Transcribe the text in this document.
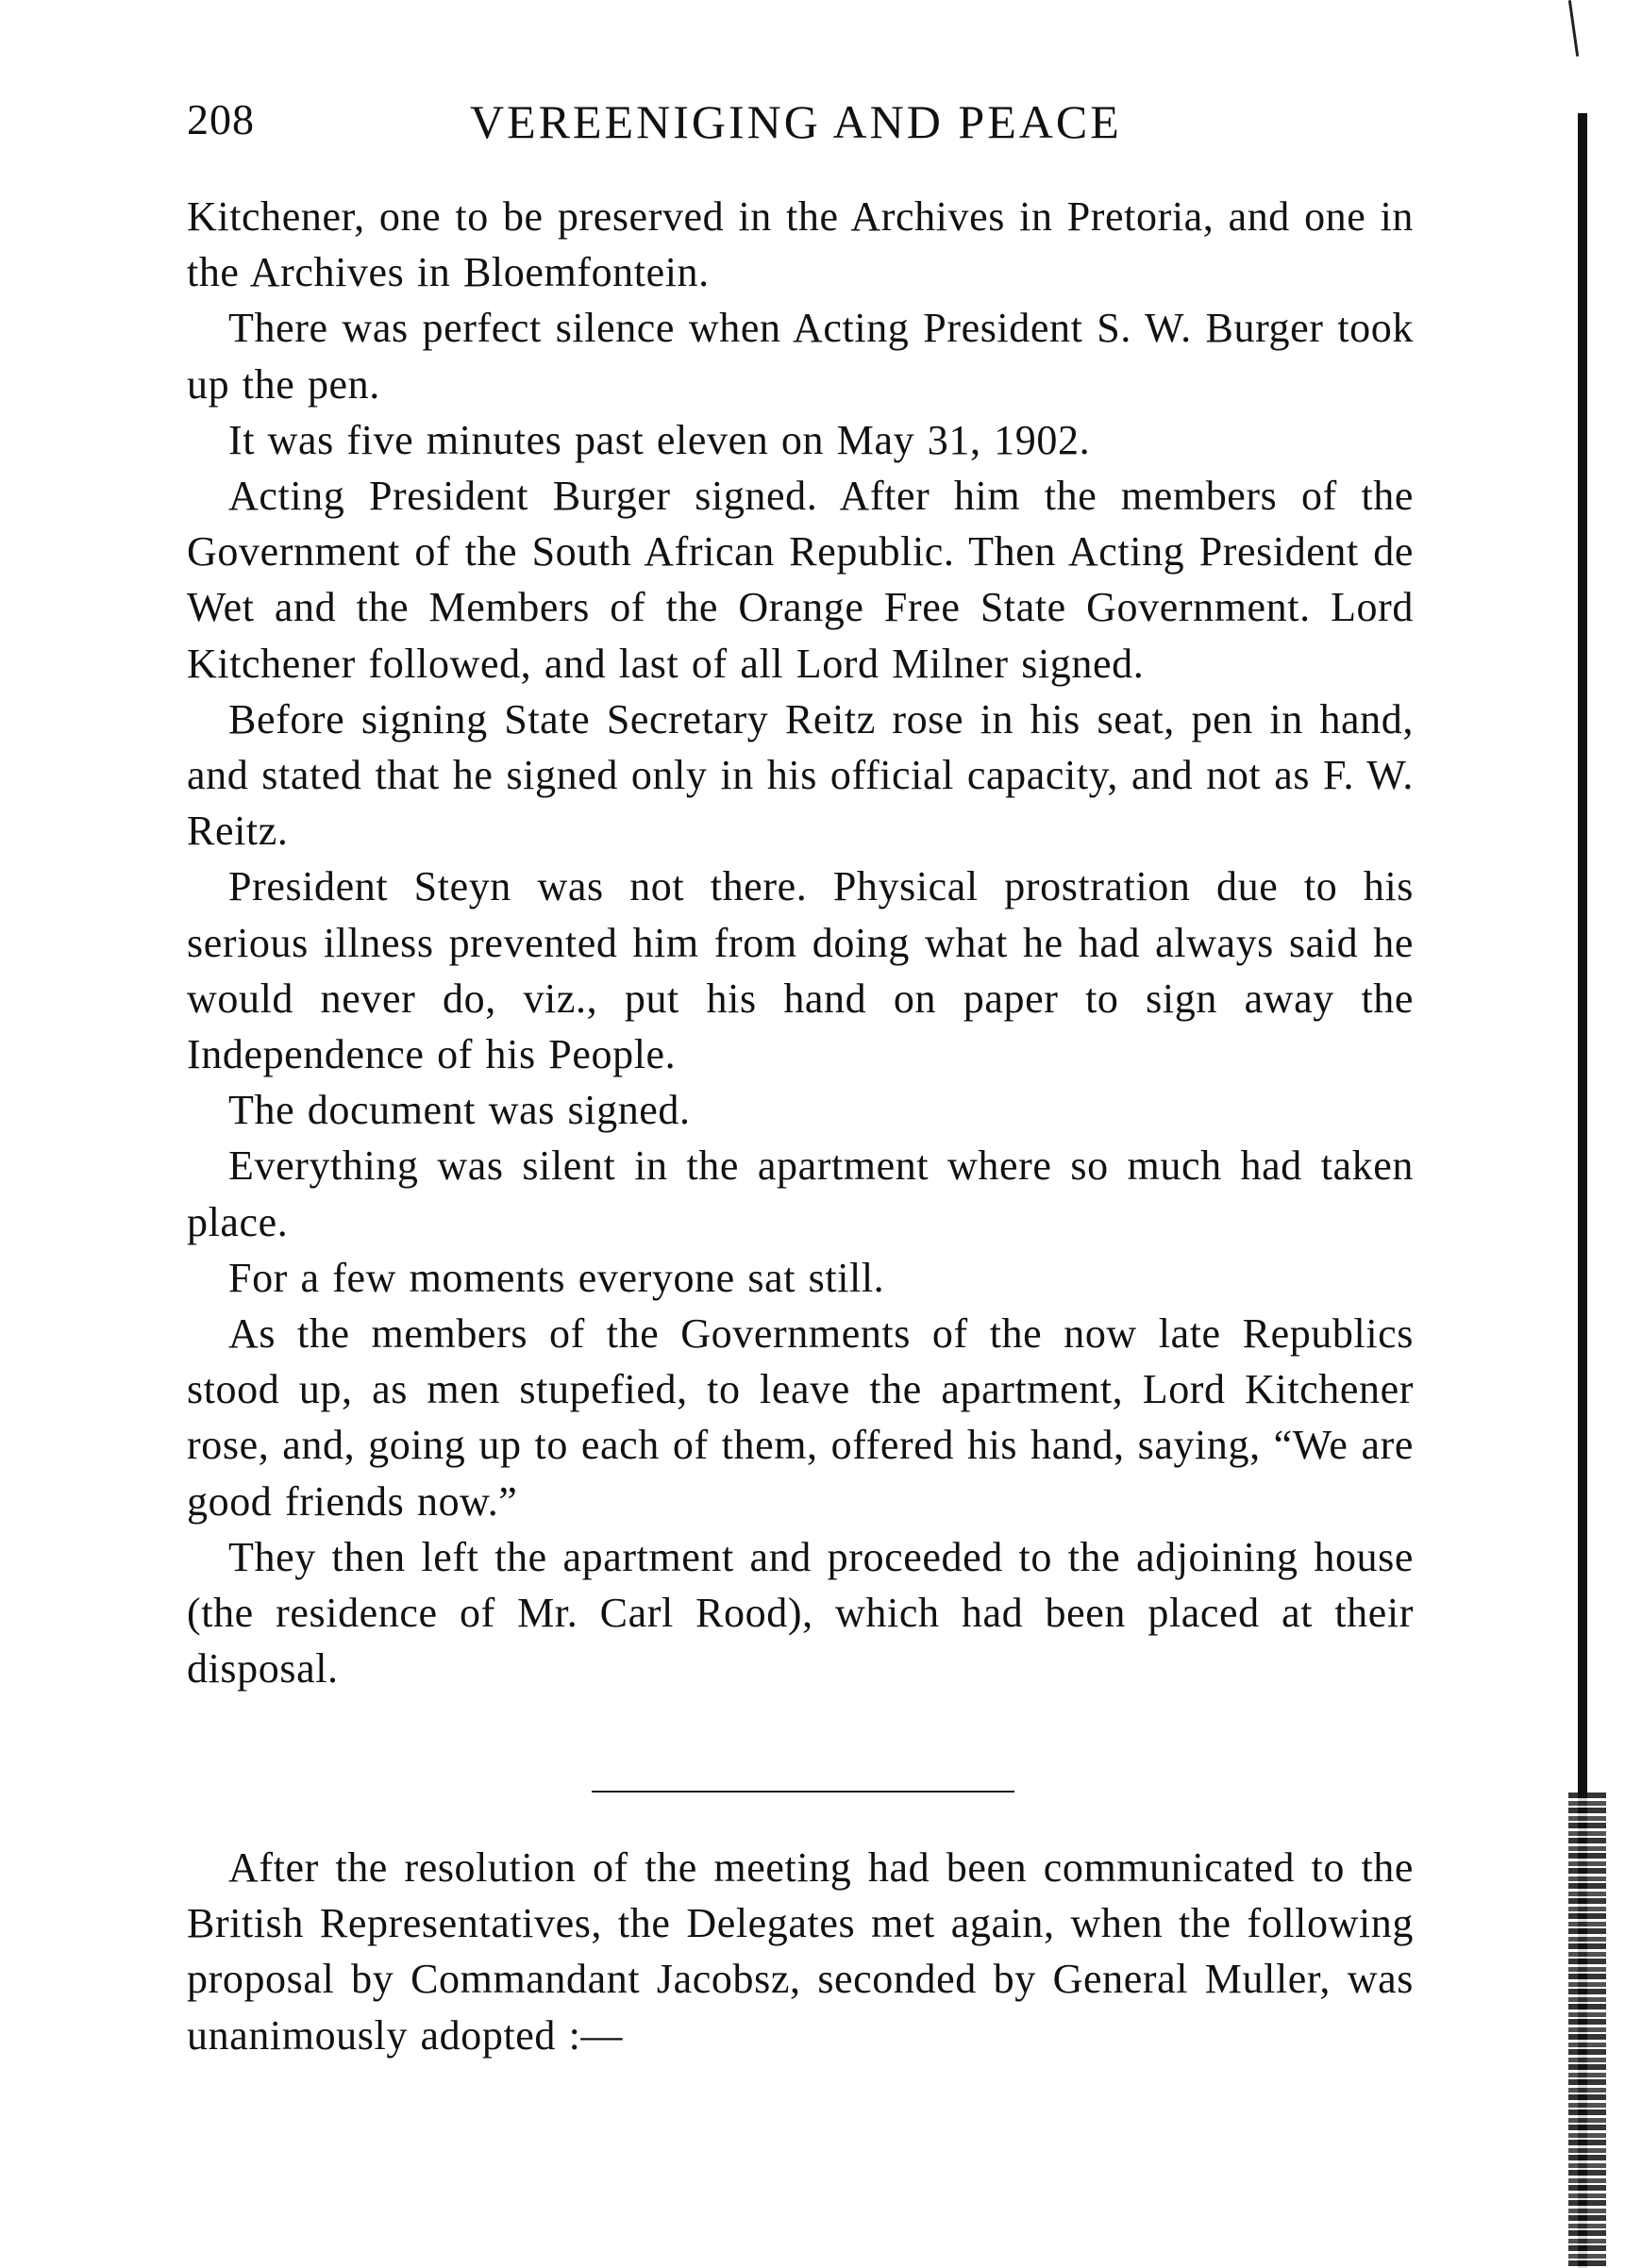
208	VEREENIGING AND PEACE

Kitchener, one to be preserved in the Archives in Pretoria, and one in the Archives in Bloemfontein.

There was perfect silence when Acting President S. W. Burger took up the pen.

It was five minutes past eleven on May 31, 1902.

Acting President Burger signed. After him the members of the Government of the South African Republic. Then Acting President de Wet and the Members of the Orange Free State Government. Lord Kitchener followed, and last of all Lord Milner signed.

Before signing State Secretary Reitz rose in his seat, pen in hand, and stated that he signed only in his official capacity, and not as F. W. Reitz.

President Steyn was not there. Physical prostration due to his serious illness prevented him from doing what he had always said he would never do, viz., put his hand on paper to sign away the Independence of his People.

The document was signed.

Everything was silent in the apartment where so much had taken place.

For a few moments everyone sat still.

As the members of the Governments of the now late Republics stood up, as men stupefied, to leave the apartment, Lord Kitchener rose, and, going up to each of them, offered his hand, saying, “We are good friends now.”

They then left the apartment and proceeded to the adjoining house (the residence of Mr. Carl Rood), which had been placed at their disposal.

After the resolution of the meeting had been communicated to the British Representatives, the Delegates met again, when the following proposal by Commandant Jacobsz, seconded by General Muller, was unanimously adopted :—
